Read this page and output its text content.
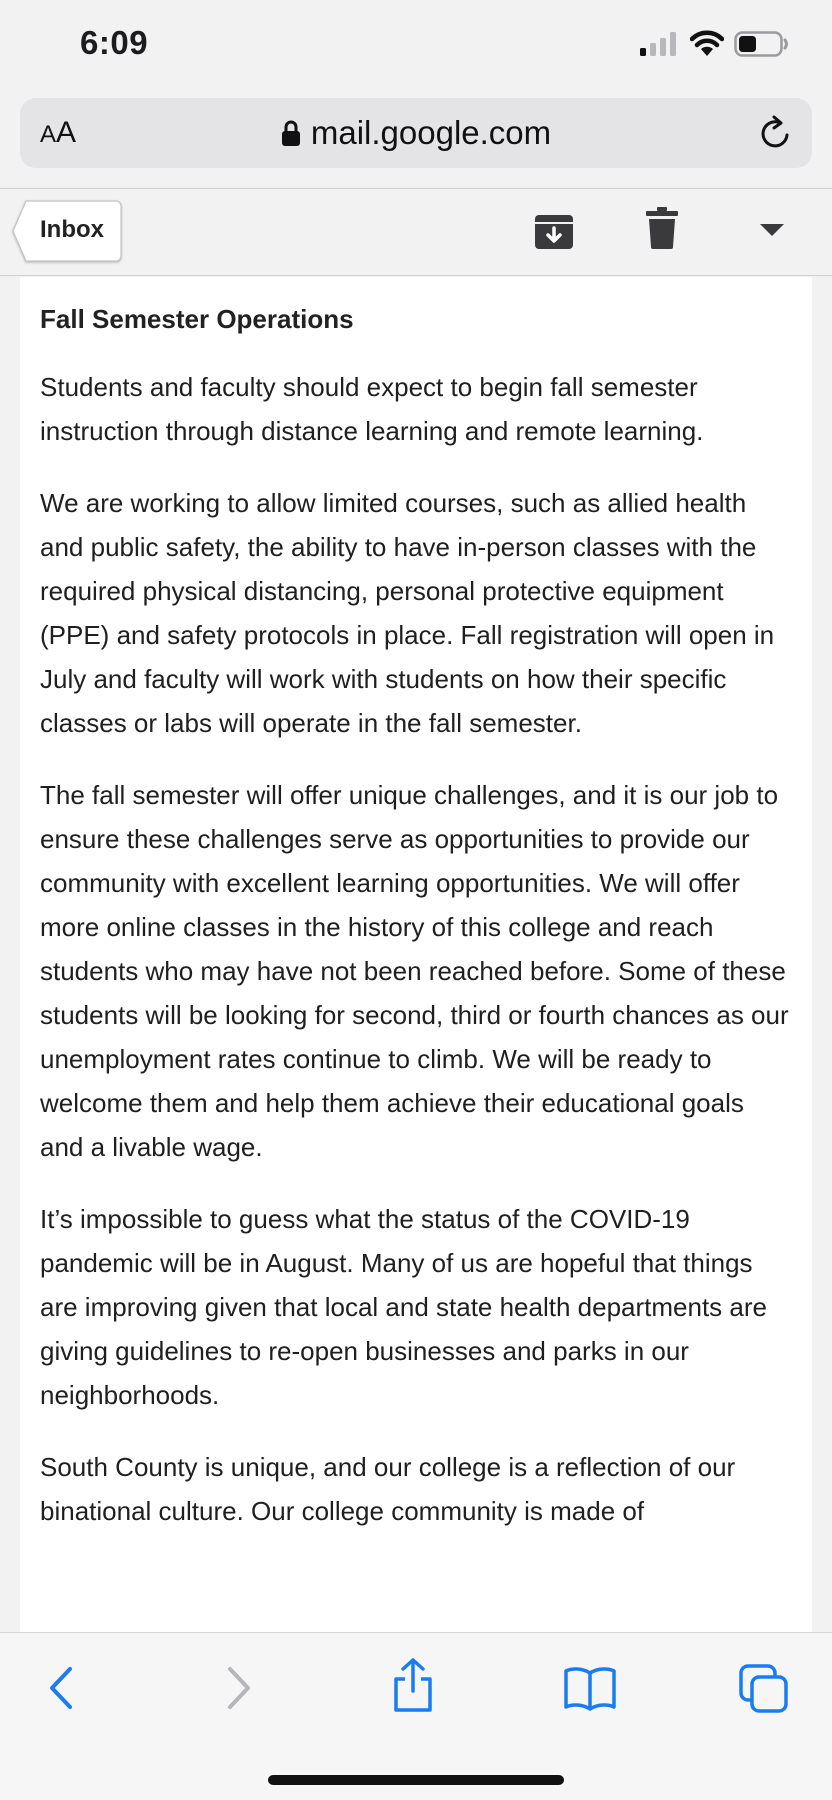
6:09
AA	mail.google.com
Inbox
Fall Semester Operations

Students and faculty should expect to begin fall semester instruction through distance learning and remote learning.

We are working to allow limited courses, such as allied health and public safety, the ability to have in-person classes with the required physical distancing, personal protective equipment (PPE) and safety protocols in place. Fall registration will open in July and faculty will work with students on how their specific classes or labs will operate in the fall semester.

The fall semester will offer unique challenges, and it is our job to ensure these challenges serve as opportunities to provide our community with excellent learning opportunities. We will offer more online classes in the history of this college and reach students who may have not been reached before. Some of these students will be looking for second, third or fourth chances as our unemployment rates continue to climb. We will be ready to welcome them and help them achieve their educational goals and a livable wage.

It’s impossible to guess what the status of the COVID-19 pandemic will be in August. Many of us are hopeful that things are improving given that local and state health departments are giving guidelines to re-open businesses and parks in our neighborhoods.

South County is unique, and our college is a reflection of our binational culture. Our college community is made of
